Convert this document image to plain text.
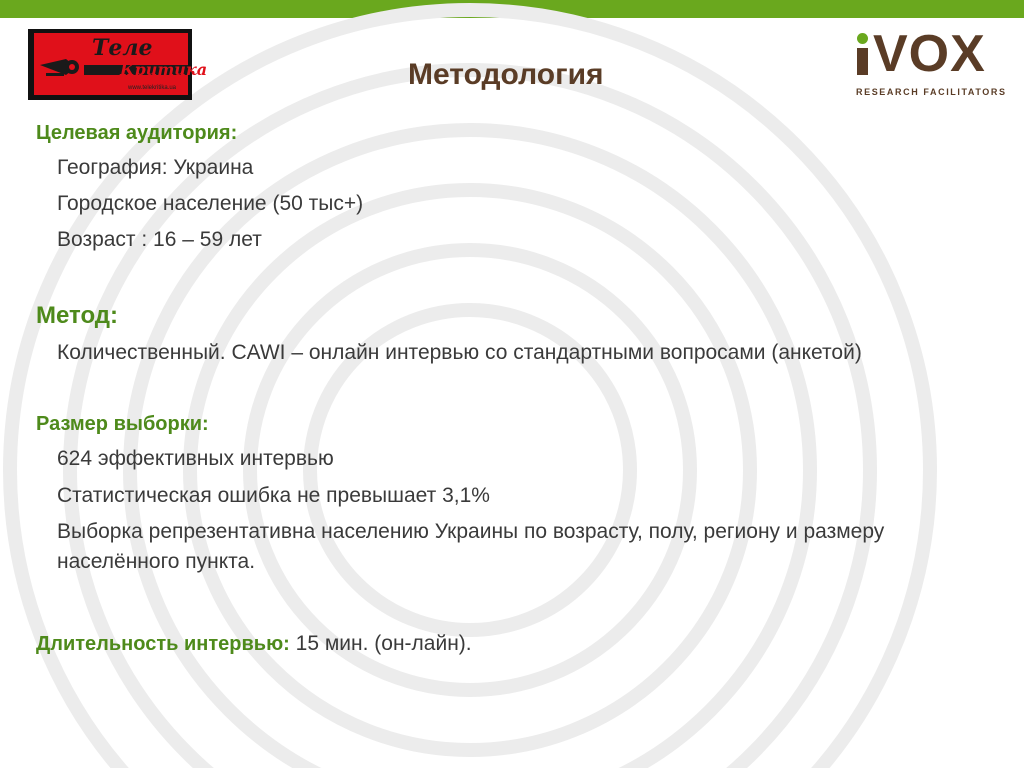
Теле
Критика
www.telekritika.ua	Методология	VOX
RESEARCH FACILITATORS
Целевая аудитория:
География: Украина
Городское население (50 тыс+)
Возраст : 16 – 59 лет
Метод:
Количественный. CAWI – онлайн интервью со стандартными вопросами (анкетой)
Размер выборки:
624 эффективных интервью
Статистическая ошибка не превышает 3,1%
Выборка репрезентативна населению Украины по возрасту, полу, региону и размеру населённого пункта.
Длительность интервью: 15 мин. (он-лайн).
